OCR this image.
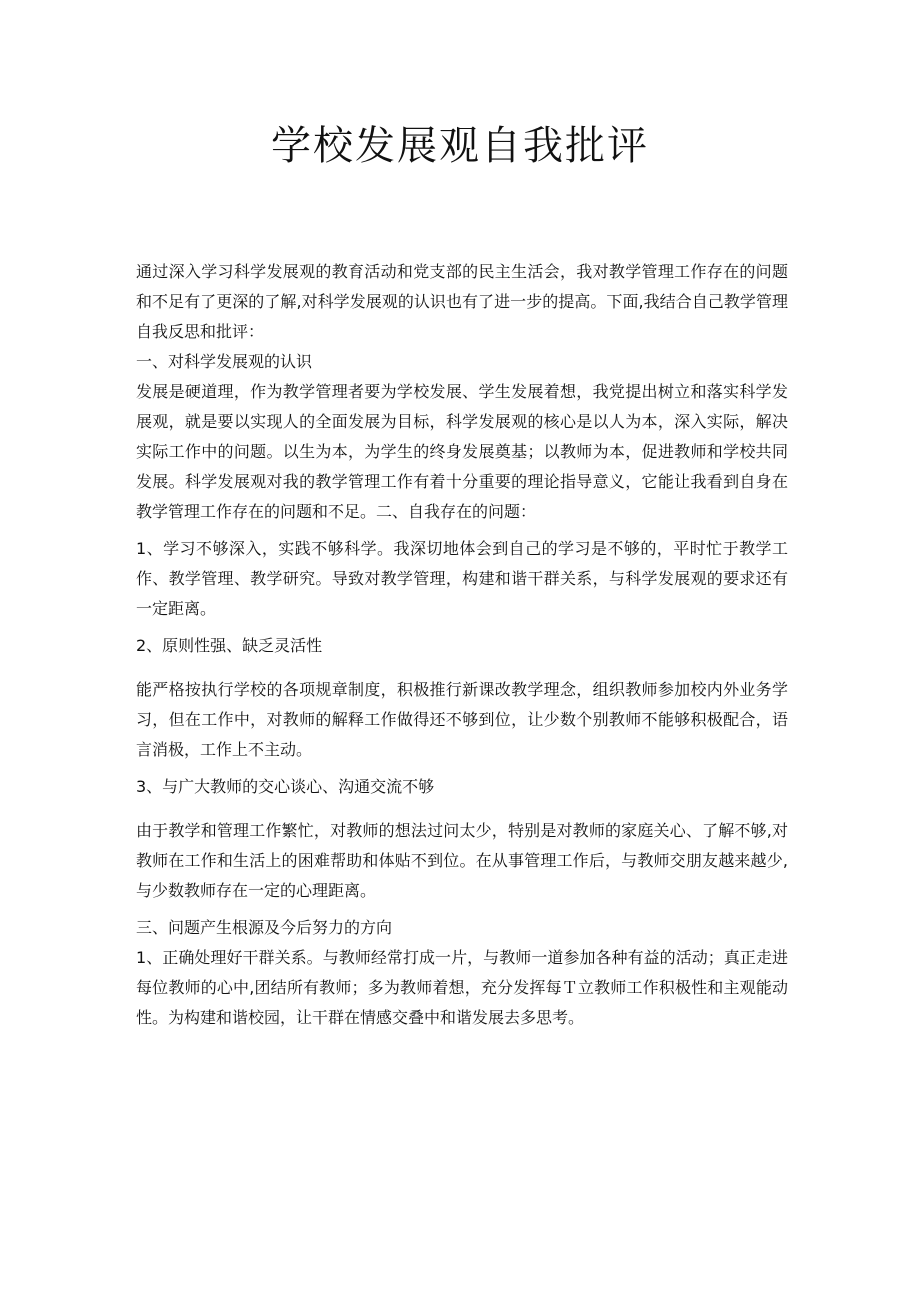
学校发展观自我批评

通过深入学习科学发展观的教育活动和党支部的民主生活会，我对教学管理工作存在的问题和不足有了更深的了解,对科学发展观的认识也有了进一步的提高。下面,我结合自己教学管理自我反思和批评：

一、对科学发展观的认识

发展是硬道理，作为教学管理者要为学校发展、学生发展着想，我党提出树立和落实科学发展观，就是要以实现人的全面发展为目标，科学发展观的核心是以人为本，深入实际，解决实际工作中的问题。以生为本，为学生的终身发展奠基；以教师为本，促进教师和学校共同发展。科学发展观对我的教学管理工作有着十分重要的理论指导意义，它能让我看到自身在教学管理工作存在的问题和不足。二、自我存在的问题：

1、学习不够深入，实践不够科学。我深切地体会到自己的学习是不够的，平时忙于教学工作、教学管理、教学研究。导致对教学管理，构建和谐干群关系，与科学发展观的要求还有一定距离。

2、原则性强、缺乏灵活性

能严格按执行学校的各项规章制度，积极推行新课改教学理念，组织教师参加校内外业务学习，但在工作中，对教师的解释工作做得还不够到位，让少数个别教师不能够积极配合，语言消极，工作上不主动。

3、与广大教师的交心谈心、沟通交流不够

由于教学和管理工作繁忙，对教师的想法过问太少，特别是对教师的家庭关心、了解不够,对教师在工作和生活上的困难帮助和体贴不到位。在从事管理工作后，与教师交朋友越来越少,与少数教师存在一定的心理距离。

三、问题产生根源及今后努力的方向

1、正确处理好干群关系。与教师经常打成一片，与教师一道参加各种有益的活动；真正走进每位教师的心中,团结所有教师；多为教师着想，充分发挥每Ｔ立教师工作积极性和主观能动性。为构建和谐校园，让干群在情感交叠中和谐发展去多思考。
